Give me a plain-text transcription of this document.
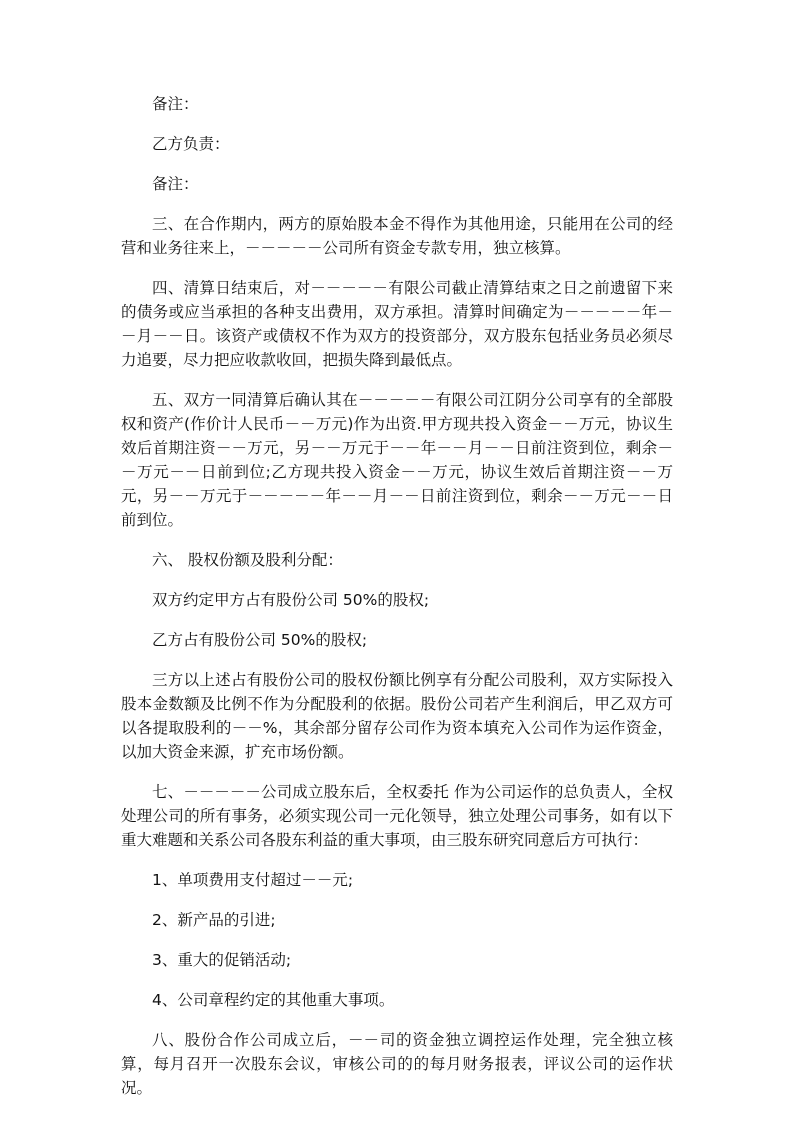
备注：

乙方负责：

备注：

三、在合作期内，两方的原始股本金不得作为其他用途，只能用在公司的经营和业务往来上，－－－－－公司所有资金专款专用，独立核算。

四、清算日结束后，对－－－－－有限公司截止清算结束之日之前遗留下来的债务或应当承担的各种支出费用，双方承担。清算时间确定为－－－－－年－－月－－日。该资产或债权不作为双方的投资部分，双方股东包括业务员必须尽力追要，尽力把应收款收回，把损失降到最低点。

五、双方一同清算后确认其在－－－－－有限公司江阴分公司享有的全部股权和资产(作价计人民币－－万元)作为出资.甲方现共投入资金－－万元，协议生效后首期注资－－万元，另－－万元于－－年－－月－－日前注资到位，剩余－－万元－－日前到位;乙方现共投入资金－－万元，协议生效后首期注资－－万元，另－－万元于－－－－－年－－月－－日前注资到位，剩余－－万元－－日前到位。

六、 股权份额及股利分配：

双方约定甲方占有股份公司 50%的股权;

乙方占有股份公司 50%的股权;

三方以上述占有股份公司的股权份额比例享有分配公司股利，双方实际投入股本金数额及比例不作为分配股利的依据。股份公司若产生利润后，甲乙双方可以各提取股利的－－%，其余部分留存公司作为资本填充入公司作为运作资金，以加大资金来源，扩充市场份额。

七、－－－－－公司成立股东后，全权委托 作为公司运作的总负责人，全权处理公司的所有事务，必须实现公司一元化领导，独立处理公司事务，如有以下重大难题和关系公司各股东利益的重大事项，由三股东研究同意后方可执行：

1、单项费用支付超过－－元;

2、新产品的引进;

3、重大的促销活动;

4、公司章程约定的其他重大事项。

八、股份合作公司成立后，－－司的资金独立调控运作处理，完全独立核算，每月召开一次股东会议，审核公司的的每月财务报表，评议公司的运作状况。
